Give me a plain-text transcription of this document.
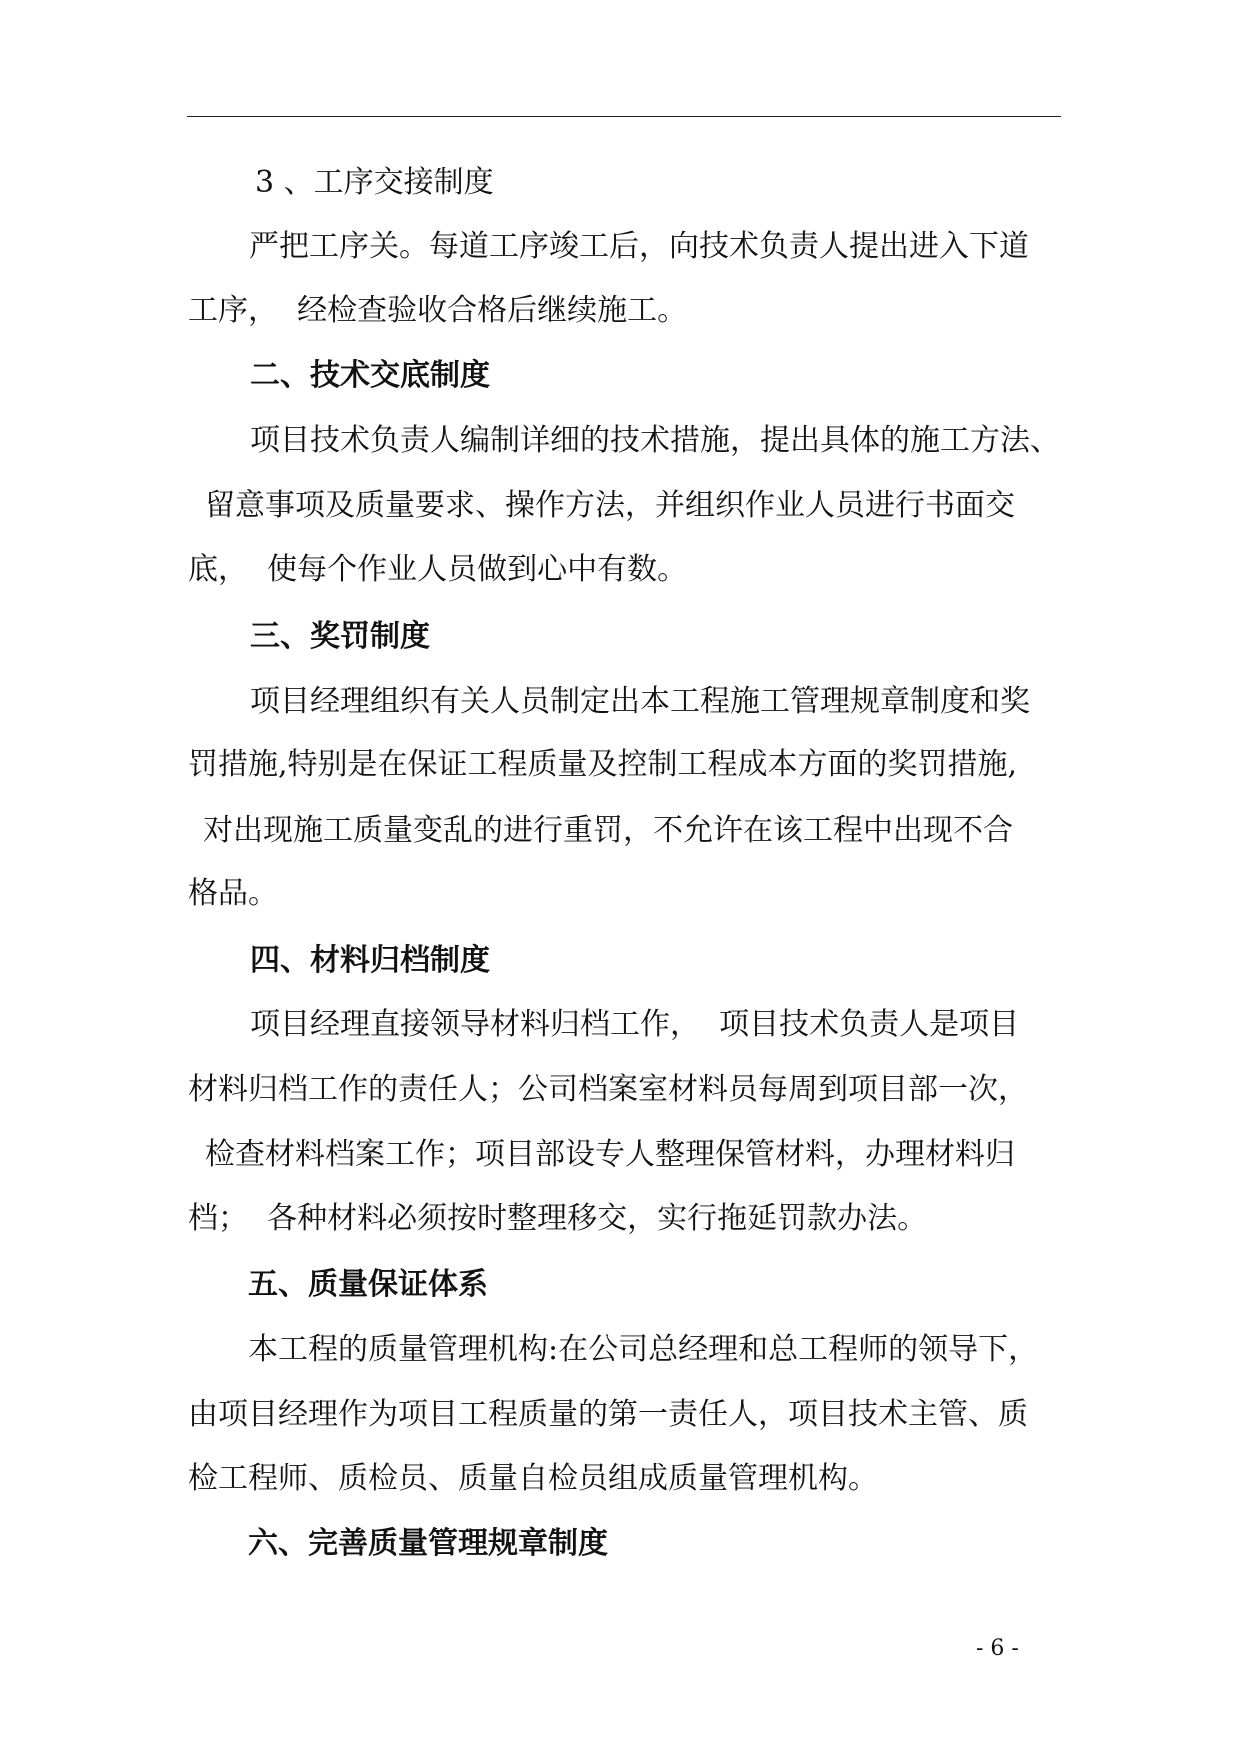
3 、工序交接制度
严把工序关。每道工序竣工后，向技术负责人提出进入下道
工序，  经检查验收合格后继续施工。
二、技术交底制度
项目技术负责人编制详细的技术措施，提出具体的施工方法、
留意事项及质量要求、操作方法，并组织作业人员进行书面交
底，  使每个作业人员做到心中有数。
三、奖罚制度
项目经理组织有关人员制定出本工程施工管理规章制度和奖
罚措施,特别是在保证工程质量及控制工程成本方面的奖罚措施,
对出现施工质量变乱的进行重罚，不允许在该工程中出现不合
格品。
四、材料归档制度
项目经理直接领导材料归档工作，  项目技术负责人是项目
材料归档工作的责任人；公司档案室材料员每周到项目部一次，
检查材料档案工作；项目部设专人整理保管材料，办理材料归
档；  各种材料必须按时整理移交，实行拖延罚款办法。
五、质量保证体系
本工程的质量管理机构:在公司总经理和总工程师的领导下，
由项目经理作为项目工程质量的第一责任人，项目技术主管、质
检工程师、质检员、质量自检员组成质量管理机构。
六、完善质量管理规章制度
- 6 -
